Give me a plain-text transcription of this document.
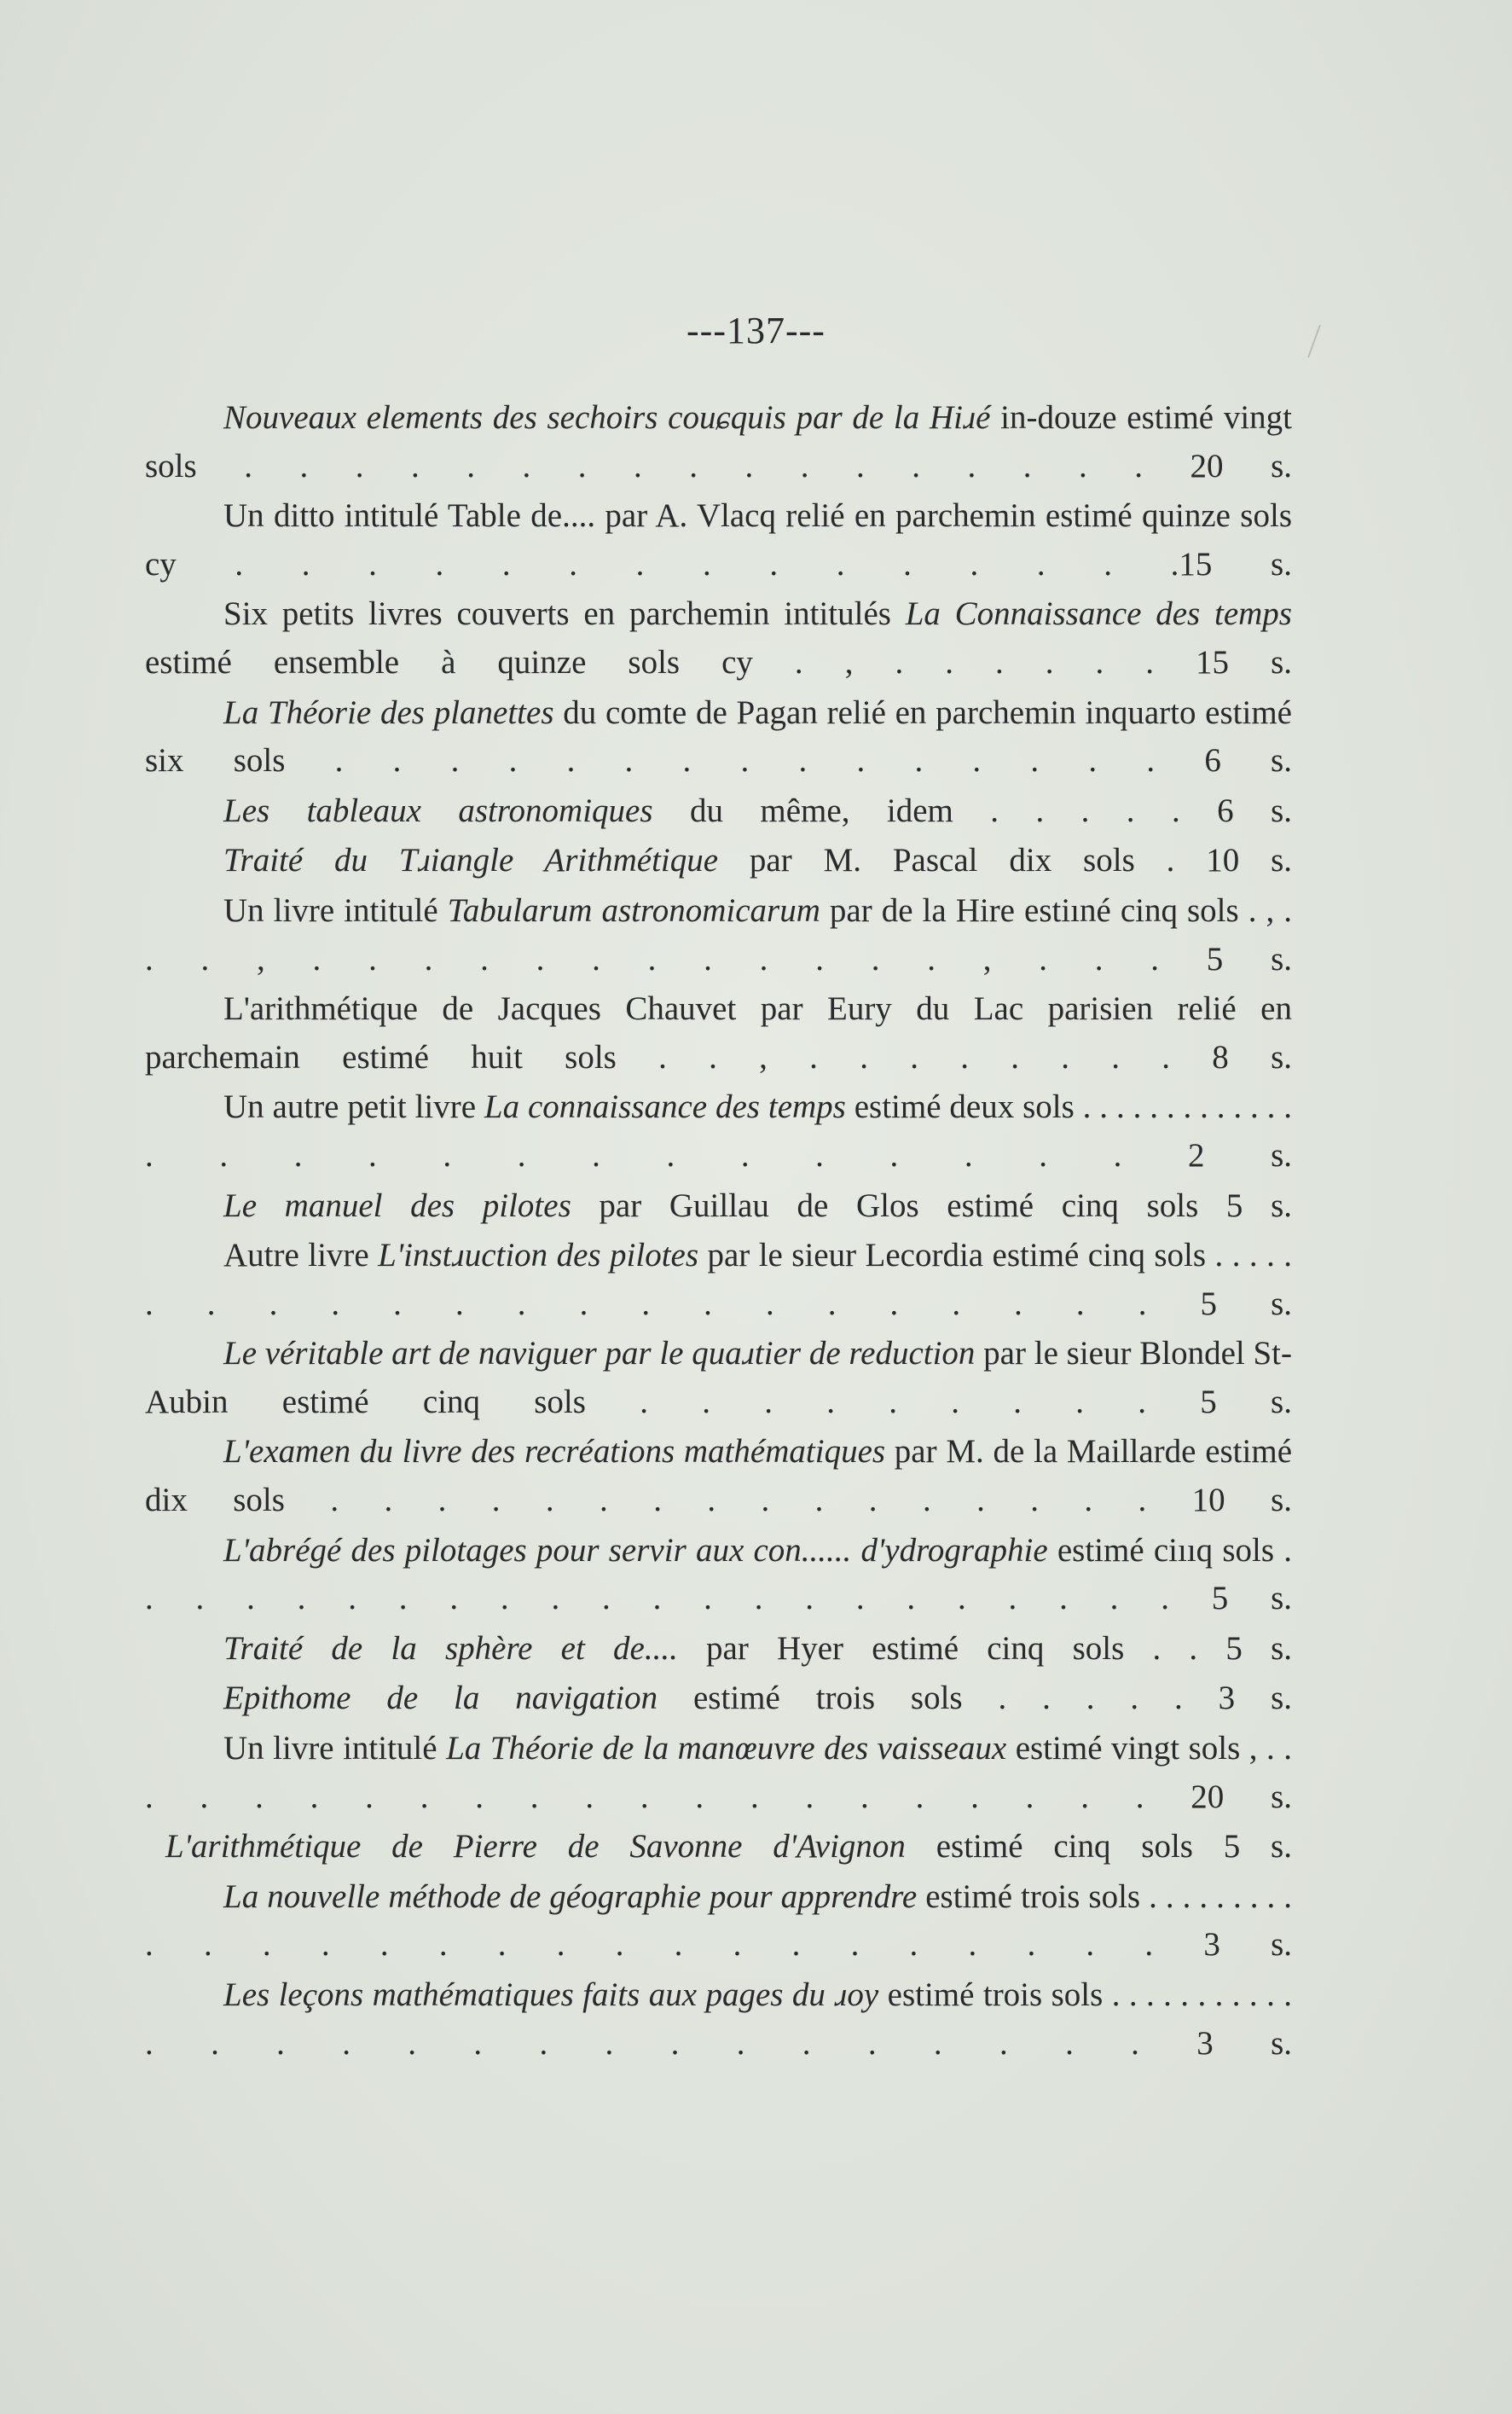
---137---

Nouveaux elements des sechoirs couɕquis par de la Hiɹé in-douze estimé vingt sols . . . . . . . . . . . . . . . . . 20 s.

Un ditto intitulé Table de.... par A. Vlacq relié en parchemin estimé quinze sols cy . . . . . . . . . . . . . . .15 s.

Six petits livres couverts en parchemin intitulés La Connaissance des temps estimé ensemble à quinze sols cy . , . . . . . . 15 s.

La Théorie des planettes du comte de Pagan relié en parchemin inquarto estimé six sols . . . . . . . . . . . . . . . 6 s.

Les tableaux astronomiques du même, idem . . . . . 6 s.

Traité du Tɹiangle Arithmétique par M. Pascal dix sols . 10 s.

Un livre intitulé Tabularum astronomicarum par de la Hire estiıné cinq sols . , . . . , . . . . . . . . . . . . , . . . 5 s.

L'arithmétique de Jacques Chauvet par Eury du Lac parisien relié en parchemain estimé huit sols . . , . . . . . . . . 8 s.

Un autre petit livre La connaissance des temps estimé deux sols . . . . . . . . . . . . . . . . . . . . . . . . . . . 2 s.

Le manuel des pilotes par Guillau de Glos estimé cinq sols 5 s.

Autre livre L'instɹuction des pilotes par le sieur Lecordia estimé cinq sols . . . . . . . . . . . . . . . . . . . . . . 5 s.

Le véritable art de naviguer par le quaɹtier de reduction par le sieur Blondel St-Aubin estimé cinq sols . . . . . . . . . 5 s.

L'examen du livre des recréations mathématiques par M. de la Maillarde estimé dix sols . . . . . . . . . . . . . . . . 10 s.

L'abrégé des pilotages pour servir aux con...... d'ydrographie estimé ciııq sols . . . . . . . . . . . . . . . . . . . . . . 5 s.

Traité de la sphère et de.... par Hyer estimé cinq sols . . 5 s.

Epithome de la navigation estimé trois sols . . . . . 3 s.

Un livre intitulé La Théorie de la manœuvre des vaisseaux estimé vingt sols , . . . . . . . . . . . . . . . . . . . . . 20 s.

L'arithmétique de Pierre de Savonne d'Avignon estimé cinq sols 5 s.

La nouvelle méthode de géographie pour apprendre estimé trois sols . . . . . . . . . . . . . . . . . . . . . . . . . . . 3 s.

Les leçons mathématiques faits aux pages du ɹoy estimé trois sols . . . . . . . . . . . . . . . . . . . . . . . . . . . 3 s.
